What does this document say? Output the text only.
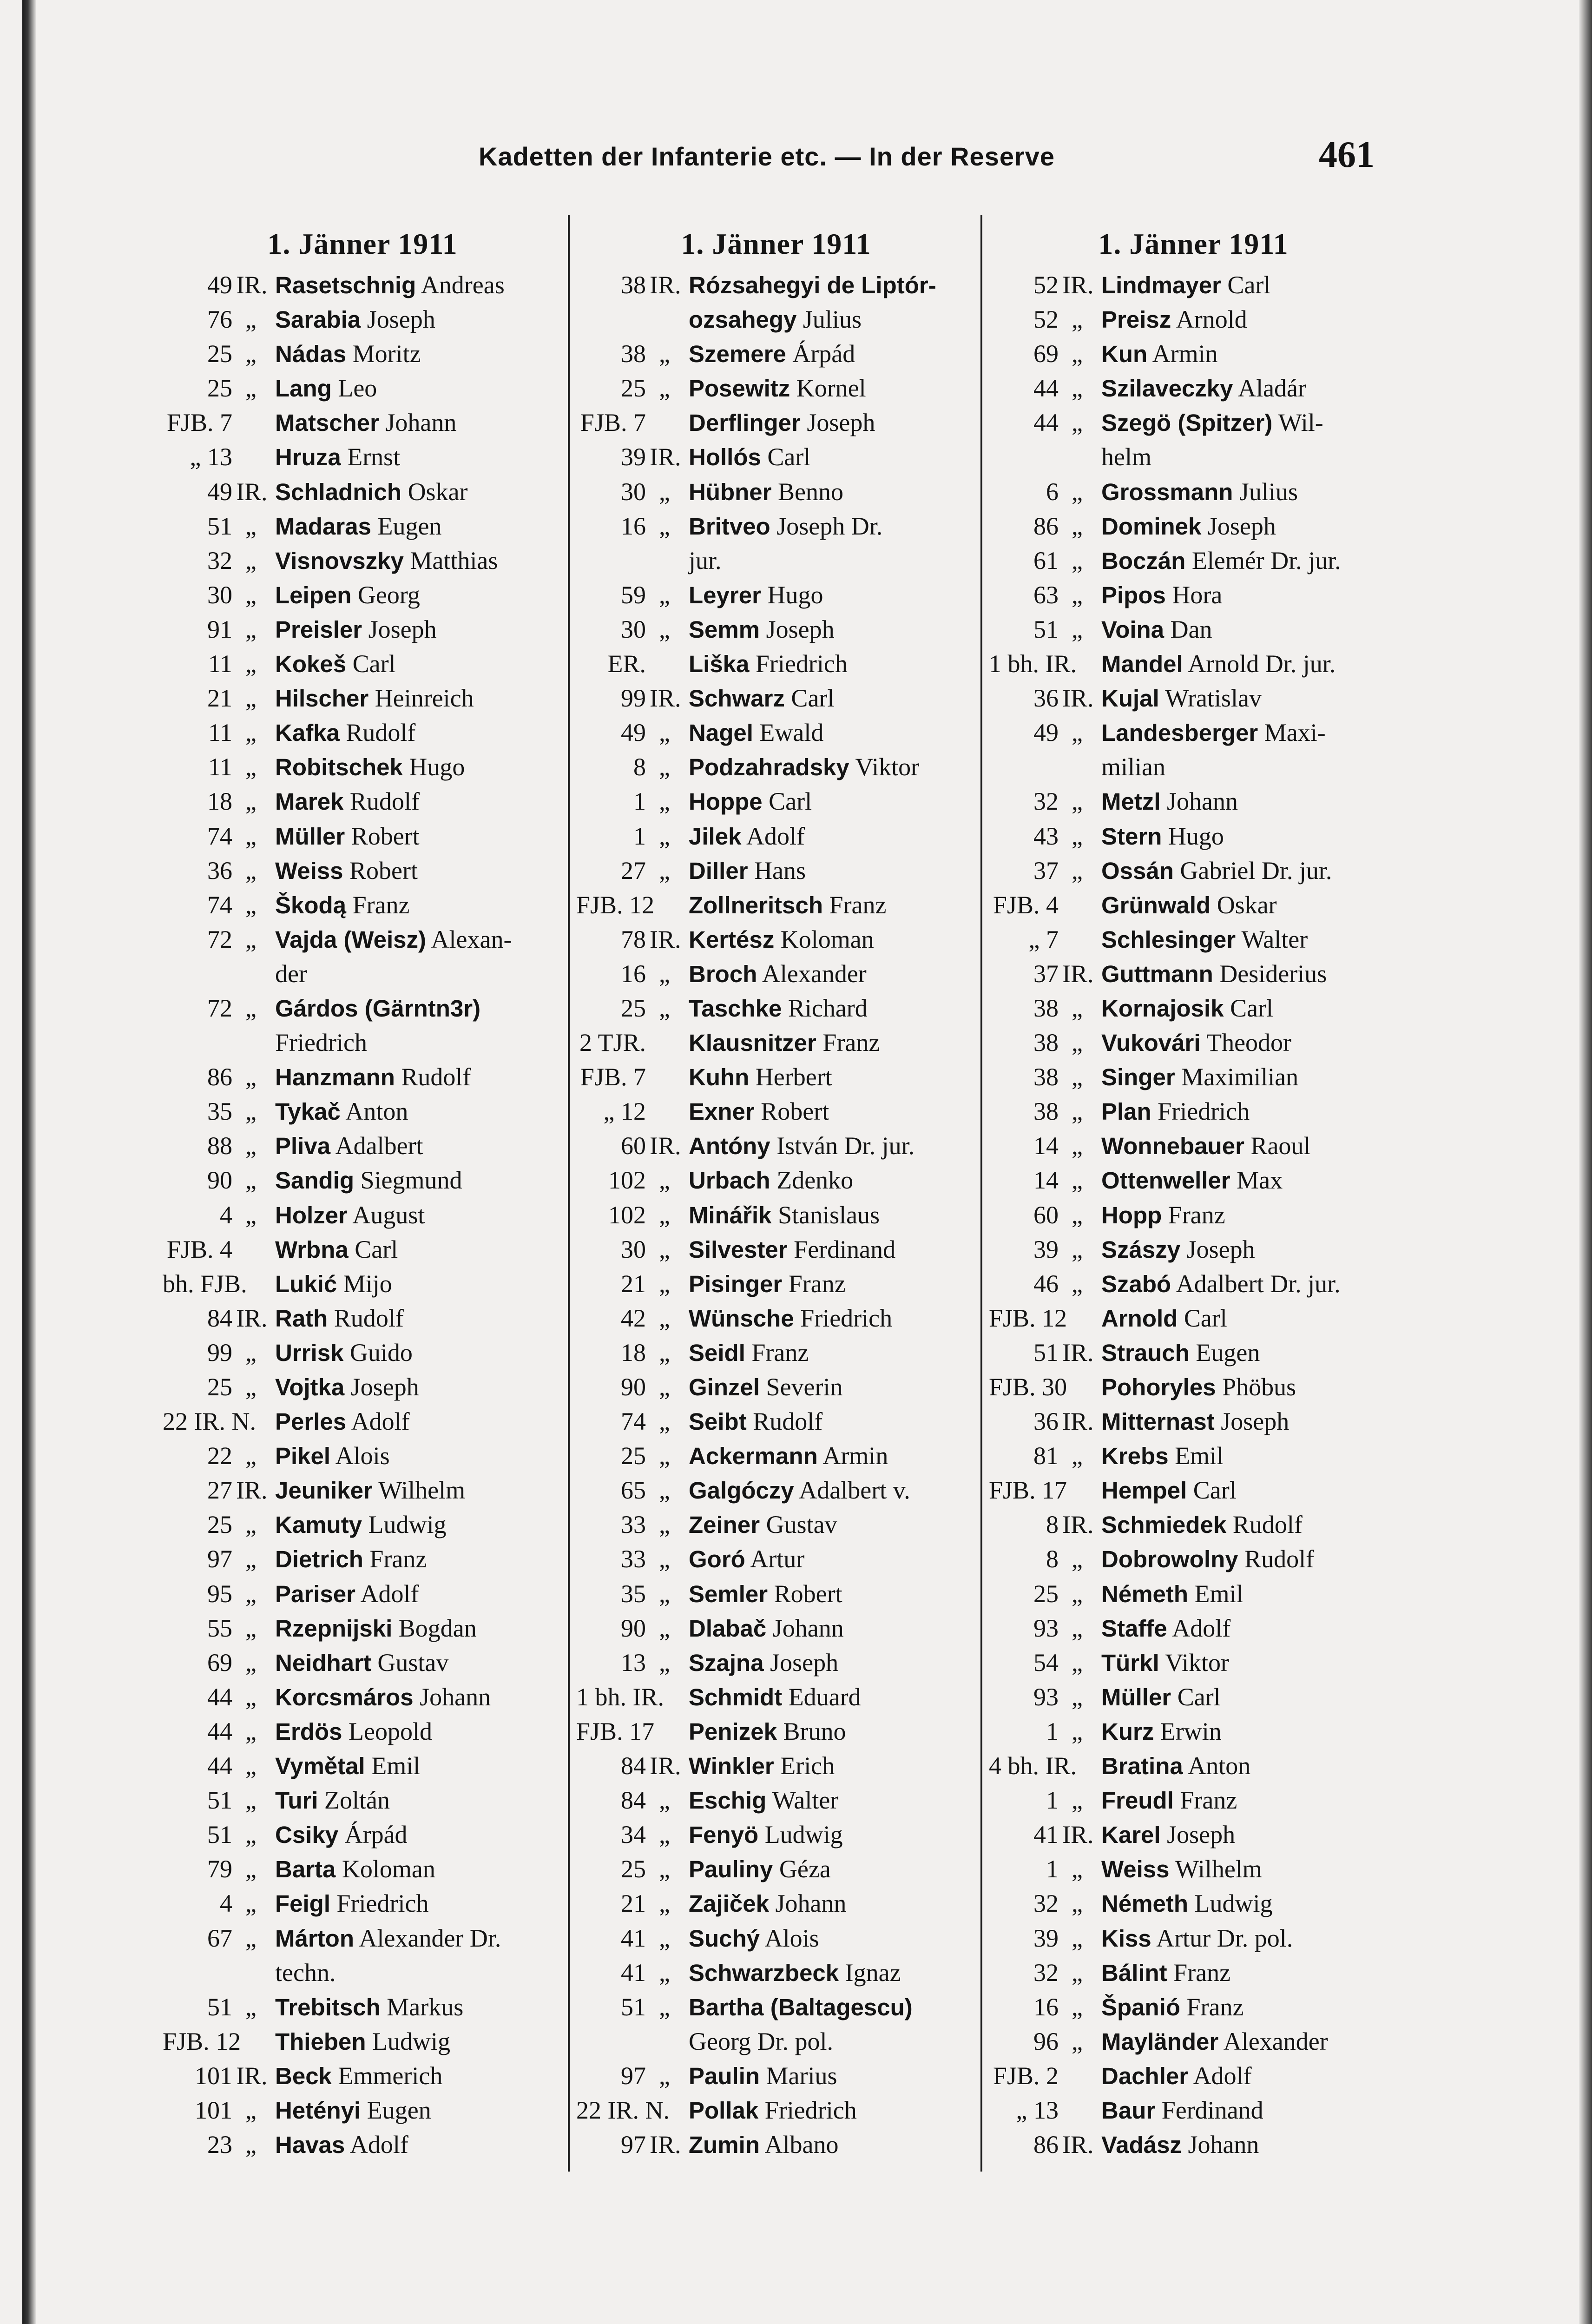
Kadetten der Infanterie etc. — In der Reserve	461
1. Jänner 1911
49 IR. Rasetschnig Andreas
76 „ Sarabia Joseph
25 „ Nádas Moritz
25 „ Lang Leo
FJB. 7 Matscher Johann
„ 13 Hruza Ernst
49 IR. Schladnich Oskar
51 „ Madaras Eugen
32 „ Visnovszky Matthias
30 „ Leipen Georg
91 „ Preisler Joseph
11 „ Kokeš Carl
21 „ Hilscher Heinreich
11 „ Kafka Rudolf
11 „ Robitschek Hugo
18 „ Marek Rudolf
74 „ Müller Robert
36 „ Weiss Robert
74 „ Škodą Franz
72 „ Vajda (Weisz) Alexan-
der
72 „ Gárdos (Gärntn3r)
Friedrich
86 „ Hanzmann Rudolf
35 „ Tykač Anton
88 „ Pliva Adalbert
90 „ Sandig Siegmund
4 „ Holzer August
FJB. 4 Wrbna Carl
bh. FJB. Lukić Mijo
84 IR. Rath Rudolf
99 „ Urrisk Guido
25 „ Vojtka Joseph
22 IR. N. Perles Adolf
22 „ Pikel Alois
27 IR. Jeuniker Wilhelm
25 „ Kamuty Ludwig
97 „ Dietrich Franz
95 „ Pariser Adolf
55 „ Rzepnijski Bogdan
69 „ Neidhart Gustav
44 „ Korcsmáros Johann
44 „ Erdös Leopold
44 „ Vymětal Emil
51 „ Turi Zoltán
51 „ Csiky Árpád
79 „ Barta Koloman
4 „ Feigl Friedrich
67 „ Márton Alexander Dr.
techn.
51 „ Trebitsch Markus
FJB. 12 Thieben Ludwig
101 IR. Beck Emmerich
101 „ Hetényi Eugen
23 „ Havas Adolf
1. Jänner 1911
38 IR. Rózsahegyi de Liptór-
ozsahegy Julius
38 „ Szemere Árpád
25 „ Posewitz Kornel
FJB. 7 Derflinger Joseph
39 IR. Hollós Carl
30 „ Hübner Benno
16 „ Britveo Joseph Dr.
jur.
59 „ Leyrer Hugo
30 „ Semm Joseph
ER. Liška Friedrich
99 IR. Schwarz Carl
49 „ Nagel Ewald
8 „ Podzahradsky Viktor
1 „ Hoppe Carl
1 „ Jilek Adolf
27 „ Diller Hans
FJB. 12 Zollneritsch Franz
78 IR. Kertész Koloman
16 „ Broch Alexander
25 „ Taschke Richard
2 TJR. Klausnitzer Franz
FJB. 7 Kuhn Herbert
„ 12 Exner Robert
60 IR. Antóny István Dr. jur.
102 „ Urbach Zdenko
102 „ Minářik Stanislaus
30 „ Silvester Ferdinand
21 „ Pisinger Franz
42 „ Wünsche Friedrich
18 „ Seidl Franz
90 „ Ginzel Severin
74 „ Seibt Rudolf
25 „ Ackermann Armin
65 „ Galgóczy Adalbert v.
33 „ Zeiner Gustav
33 „ Goró Artur
35 „ Semler Robert
90 „ Dlabač Johann
13 „ Szajna Joseph
1 bh. IR. Schmidt Eduard
FJB. 17 Penizek Bruno
84 IR. Winkler Erich
84 „ Eschig Walter
34 „ Fenyö Ludwig
25 „ Pauliny Géza
21 „ Zajiček Johann
41 „ Suchý Alois
41 „ Schwarzbeck Ignaz
51 „ Bartha (Baltagescu)
Georg Dr. pol.
97 „ Paulin Marius
22 IR. N. Pollak Friedrich
97 IR. Zumin Albano
1. Jänner 1911
52 IR. Lindmayer Carl
52 „ Preisz Arnold
69 „ Kun Armin
44 „ Szilaveczky Aladár
44 „ Szegö (Spitzer) Wil-
helm
6 „ Grossmann Julius
86 „ Dominek Joseph
61 „ Boczán Elemér Dr. jur.
63 „ Pipos Hora
51 „ Voina Dan
1 bh. IR. Mandel Arnold Dr. jur.
36 IR. Kujal Wratislav
49 „ Landesberger Maxi-
milian
32 „ Metzl Johann
43 „ Stern Hugo
37 „ Ossán Gabriel Dr. jur.
FJB. 4 Grünwald Oskar
„ 7 Schlesinger Walter
37 IR. Guttmann Desiderius
38 „ Kornajosik Carl
38 „ Vukovári Theodor
38 „ Singer Maximilian
38 „ Plan Friedrich
14 „ Wonnebauer Raoul
14 „ Ottenweller Max
60 „ Hopp Franz
39 „ Szászy Joseph
46 „ Szabó Adalbert Dr. jur.
FJB. 12 Arnold Carl
51 IR. Strauch Eugen
FJB. 30 Pohoryles Phöbus
36 IR. Mitternast Joseph
81 „ Krebs Emil
FJB. 17 Hempel Carl
8 IR. Schmiedek Rudolf
8 „ Dobrowolny Rudolf
25 „ Németh Emil
93 „ Staffe Adolf
54 „ Türkl Viktor
93 „ Müller Carl
1 „ Kurz Erwin
4 bh. IR. Bratina Anton
1 „ Freudl Franz
41 IR. Karel Joseph
1 „ Weiss Wilhelm
32 „ Németh Ludwig
39 „ Kiss Artur Dr. pol.
32 „ Bálint Franz
16 „ Španió Franz
96 „ Mayländer Alexander
FJB. 2 Dachler Adolf
„ 13 Baur Ferdinand
86 IR. Vadász Johann
